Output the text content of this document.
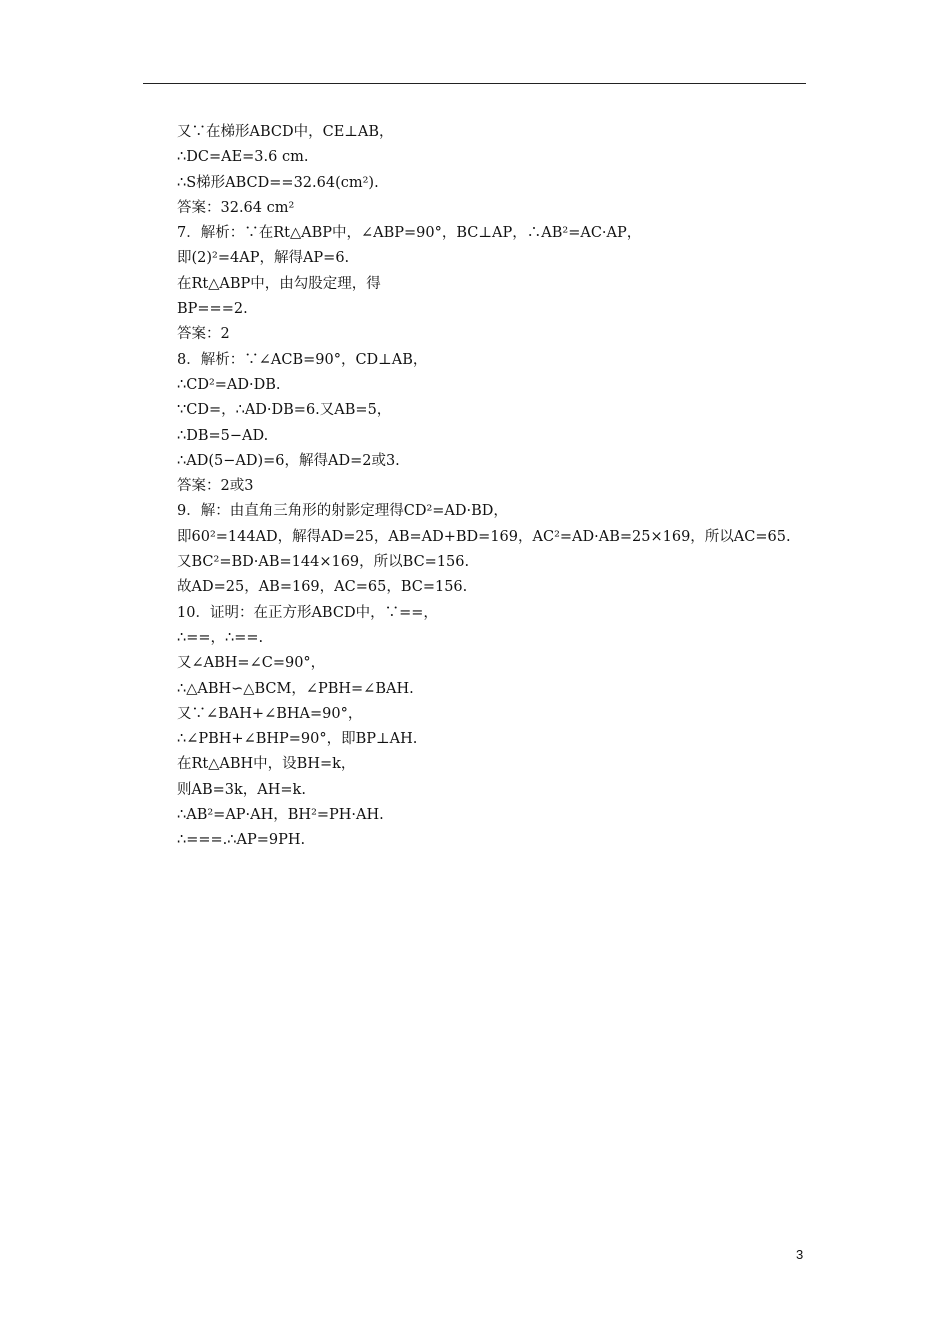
又∵在梯形ABCD中，CE⊥AB，
∴DC=AE=3.6 cm.
∴S梯形ABCD==32.64(cm²).
答案：32.64 cm²
7．解析：∵在Rt△ABP中，∠ABP=90°，BC⊥AP，∴AB²=AC·AP，
即(2)²=4AP，解得AP=6.
在Rt△ABP中，由勾股定理，得
BP===2.
答案：2
8．解析：∵∠ACB=90°，CD⊥AB，
∴CD²=AD·DB.
∵CD=，∴AD·DB=6.又AB=5，
∴DB=5−AD.
∴AD(5−AD)=6，解得AD=2或3.
答案：2或3
9．解：由直角三角形的射影定理得CD²=AD·BD，
即60²=144AD，解得AD=25，AB=AD+BD=169，AC²=AD·AB=25×169，所以AC=65.
又BC²=BD·AB=144×169，所以BC=156.
故AD=25，AB=169，AC=65，BC=156.
10．证明：在正方形ABCD中，∵==，
∴==，∴==.
又∠ABH=∠C=90°，
∴△ABH∽△BCM，∠PBH=∠BAH.
又∵∠BAH+∠BHA=90°，
∴∠PBH+∠BHP=90°，即BP⊥AH.
在Rt△ABH中，设BH=k，
则AB=3k，AH=k.
∴AB²=AP·AH，BH²=PH·AH.
∴===.∴AP=9PH.
3
